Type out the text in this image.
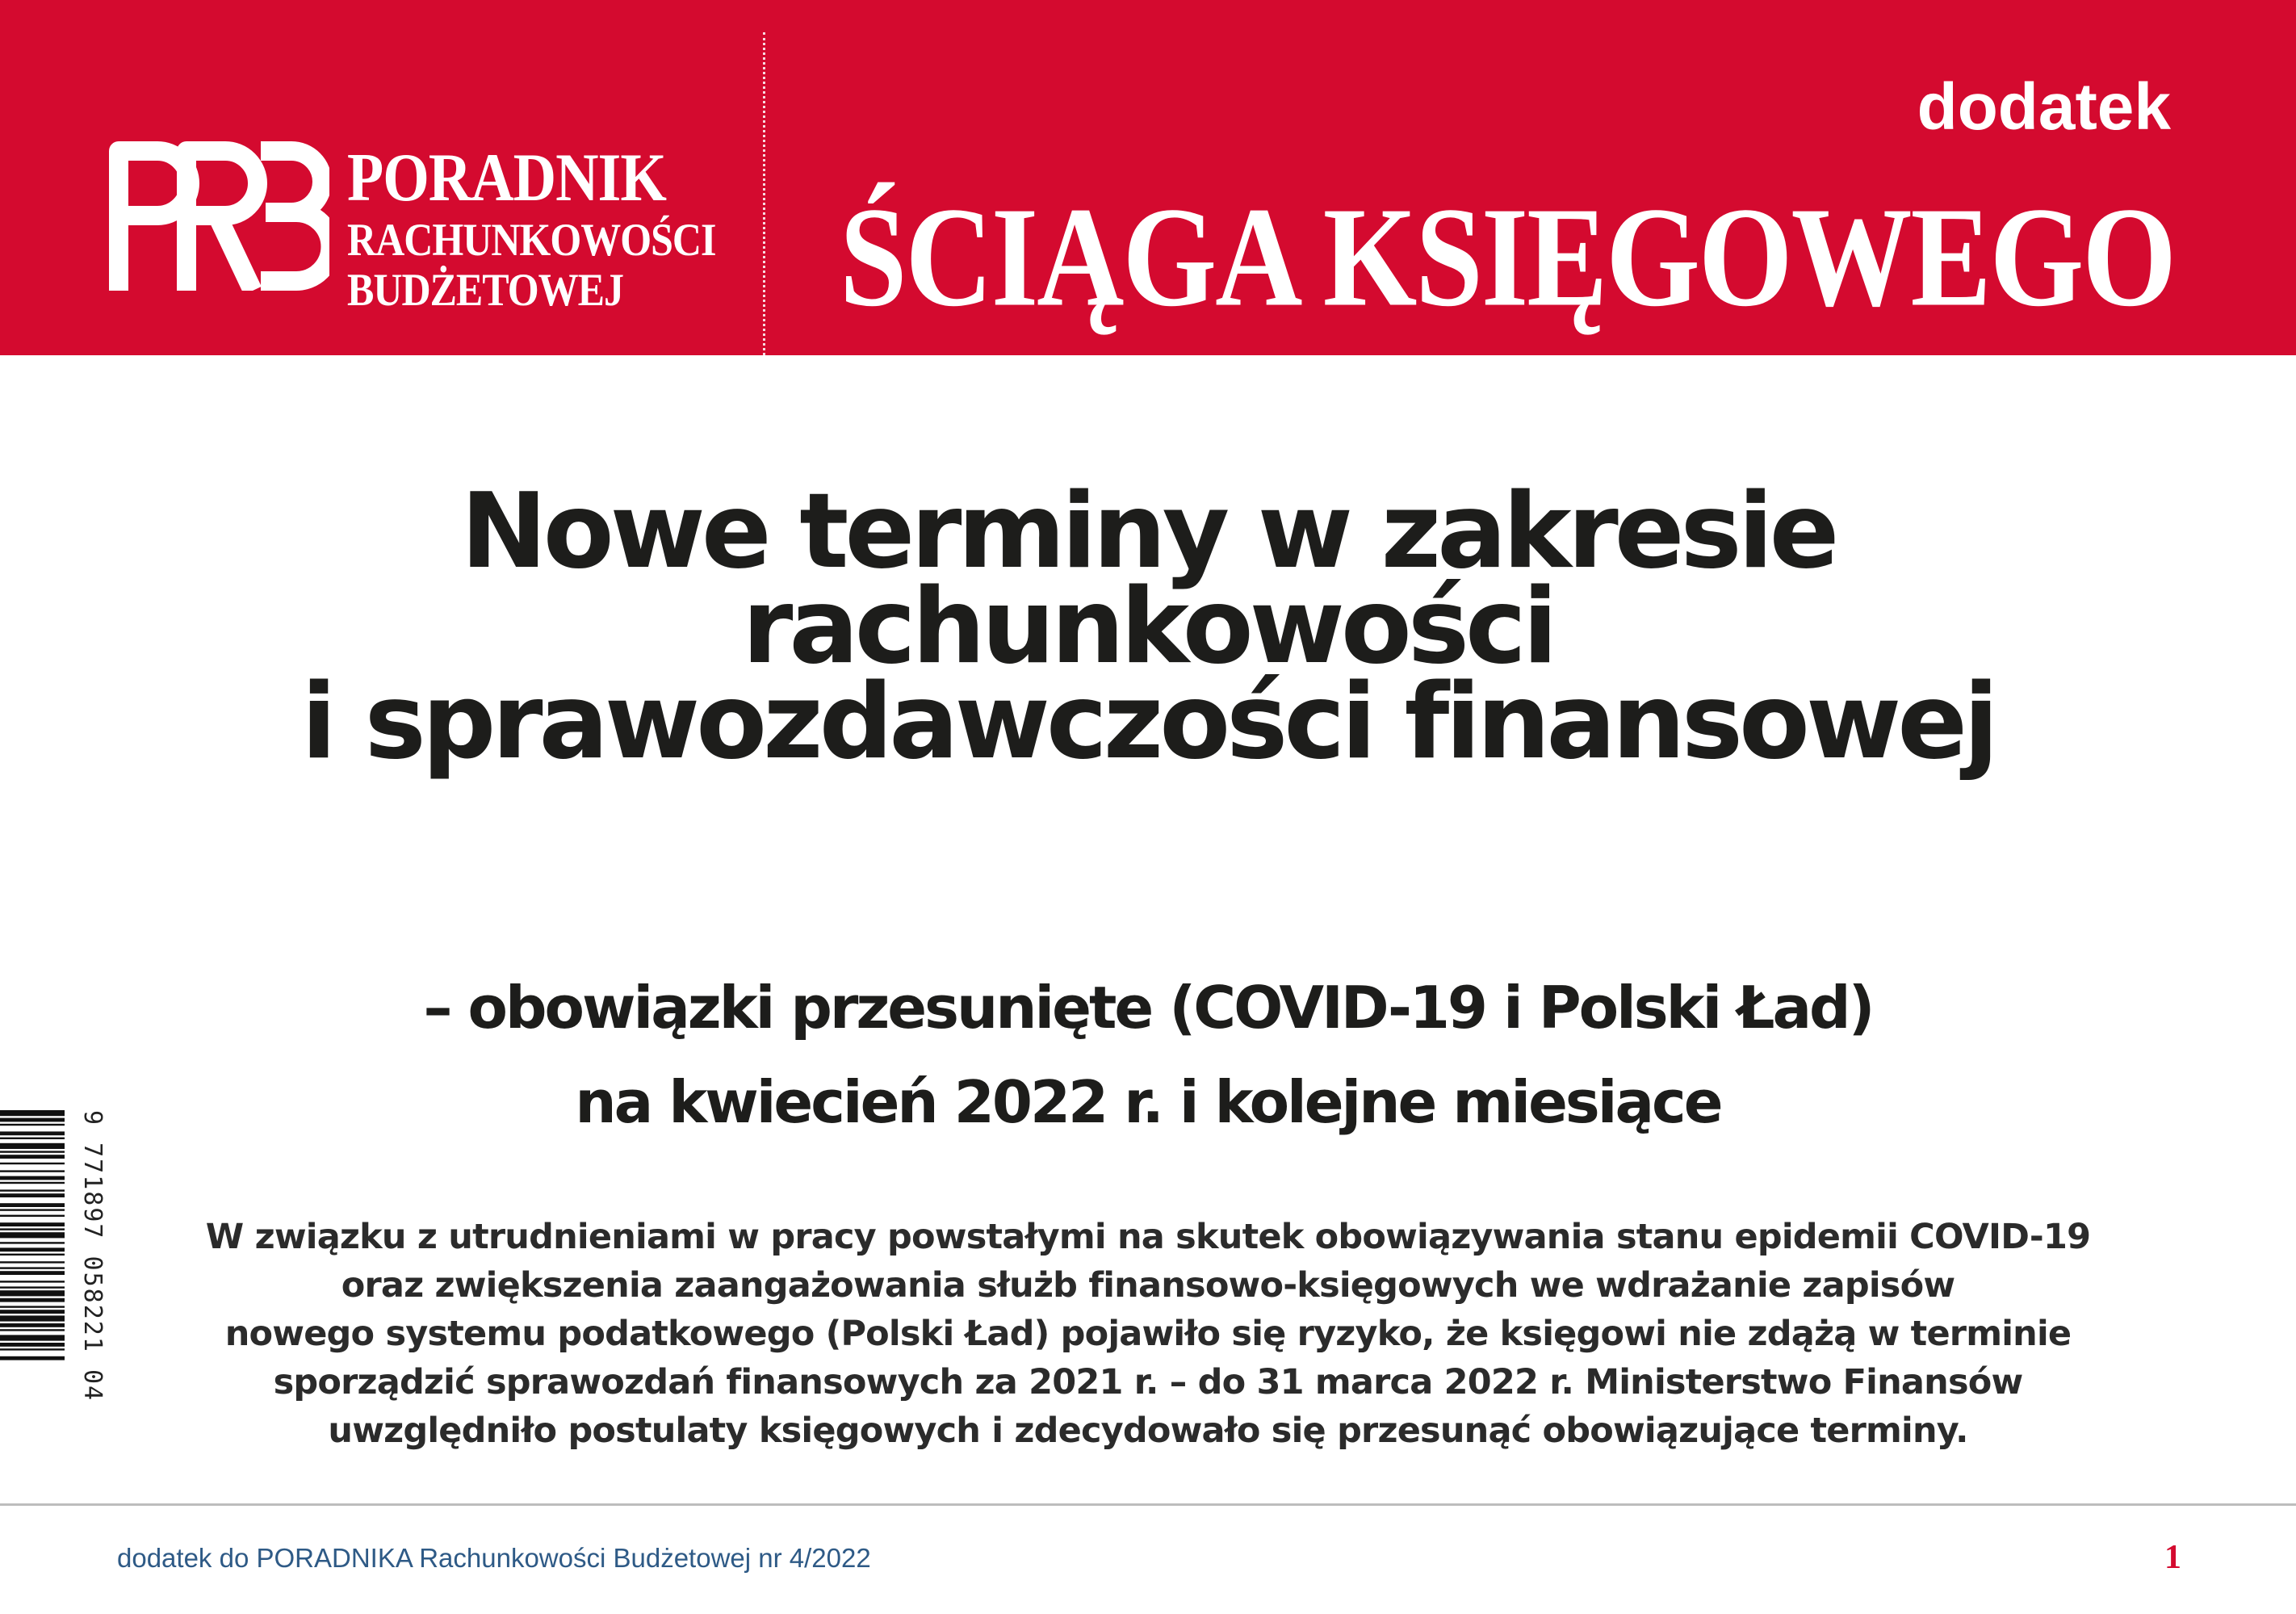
PORADNIK
RACHUNKOWOŚCI
BUDŻETOWEJ
dodatek
ŚCIĄGA KSIĘGOWEGO
Nowe terminy w zakresie
rachunkowości
i sprawozdawczości finansowej
– obowiązki przesunięte (COVID-19 i Polski Ład)
na kwiecień 2022 r. i kolejne miesiące

W związku z utrudnieniami w pracy powstałymi na skutek obowiązywania stanu epidemii COVID-19
oraz zwiększenia zaangażowania służb finansowo-księgowych we wdrażanie zapisów
nowego systemu podatkowego (Polski Ład) pojawiło się ryzyko, że księgowi nie zdążą w terminie
sporządzić sprawozdań finansowych za 2021 r. – do 31 marca 2022 r. Ministerstwo Finansów
uwzględniło postulaty księgowych i zdecydowało się przesunąć obowiązujące terminy.

9 771897 058221 04
dodatek do PORADNIKA Rachunkowości Budżetowej nr 4/2022	1
